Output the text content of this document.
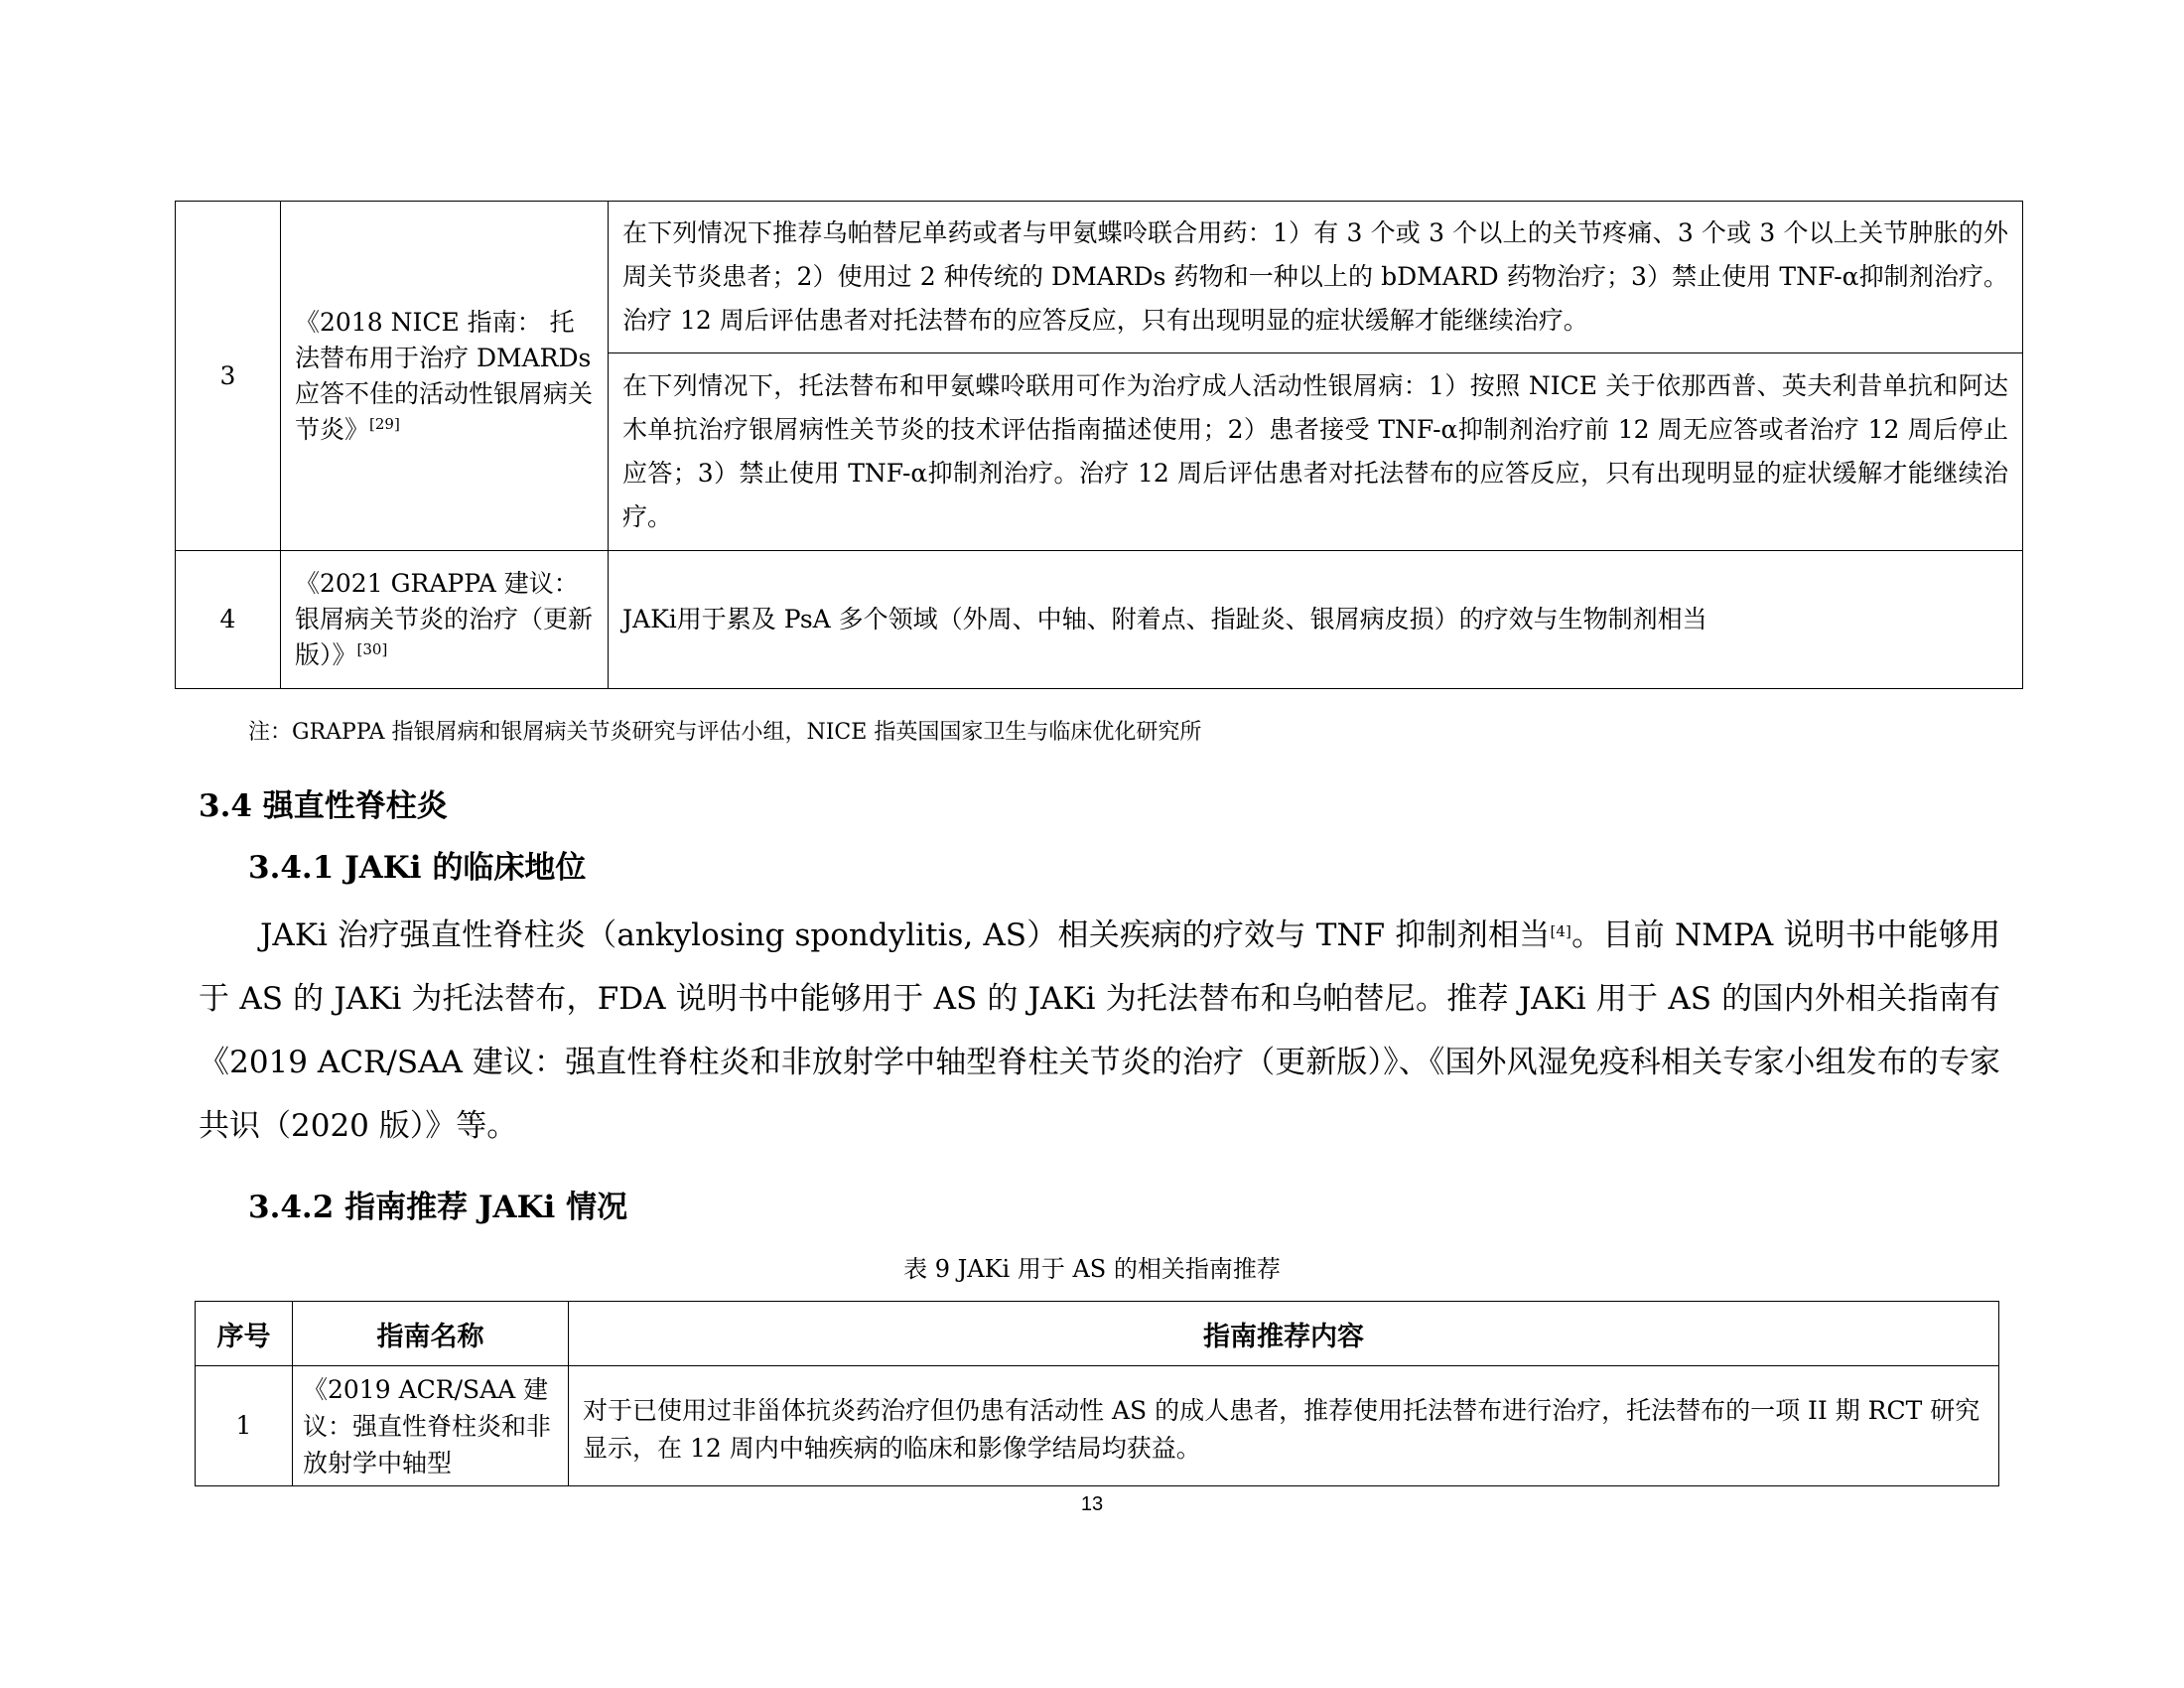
3	《2018 NICE 指南： 托法替布用于治疗 DMARDs 应答不佳的活动性银屑病关节炎》[29]	在下列情况下推荐乌帕替尼单药或者与甲氨蝶呤联合用药：1）有 3 个或 3 个以上的关节疼痛、3 个或 3 个以上关节肿胀的外周关节炎患者；2）使用过 2 种传统的 DMARDs 药物和一种以上的 bDMARD 药物治疗；3）禁止使用 TNF-α抑制剂治疗。治疗 12 周后评估患者对托法替布的应答反应，只有出现明显的症状缓解才能继续治疗。
		在下列情况下，托法替布和甲氨蝶呤联用可作为治疗成人活动性银屑病：1）按照 NICE 关于依那西普、英夫利昔单抗和阿达木单抗治疗银屑病性关节炎的技术评估指南描述使用；2）患者接受 TNF-α抑制剂治疗前 12 周无应答或者治疗 12 周后停止应答；3）禁止使用 TNF-α抑制剂治疗。治疗 12 周后评估患者对托法替布的应答反应，只有出现明显的症状缓解才能继续治疗。
4	《2021 GRAPPA 建议：银屑病关节炎的治疗（更新版）》[30]	JAKi用于累及 PsA 多个领域（外周、中轴、附着点、指趾炎、银屑病皮损）的疗效与生物制剂相当
注：GRAPPA 指银屑病和银屑病关节炎研究与评估小组，NICE 指英国国家卫生与临床优化研究所
3.4 强直性脊柱炎
3.4.1 JAKi 的临床地位

JAKi 治疗强直性脊柱炎（ankylosing spondylitis, AS）相关疾病的疗效与 TNF 抑制剂相当[4]。目前 NMPA 说明书中能够用于 AS 的 JAKi 为托法替布，FDA 说明书中能够用于 AS 的 JAKi 为托法替布和乌帕替尼。推荐 JAKi 用于 AS 的国内外相关指南有《2019 ACR/SAA 建议：强直性脊柱炎和非放射学中轴型脊柱关节炎的治疗（更新版）》、《国外风湿免疫科相关专家小组发布的专家共识（2020 版）》等。

3.4.2 指南推荐 JAKi 情况
表 9 JAKi 用于 AS 的相关指南推荐
序号	指南名称	指南推荐内容
1	《2019 ACR/SAA 建议：强直性脊柱炎和非放射学中轴型	对于已使用过非甾体抗炎药治疗但仍患有活动性 AS 的成人患者，推荐使用托法替布进行治疗，托法替布的一项 II 期 RCT 研究显示，在 12 周内中轴疾病的临床和影像学结局均获益。
13
